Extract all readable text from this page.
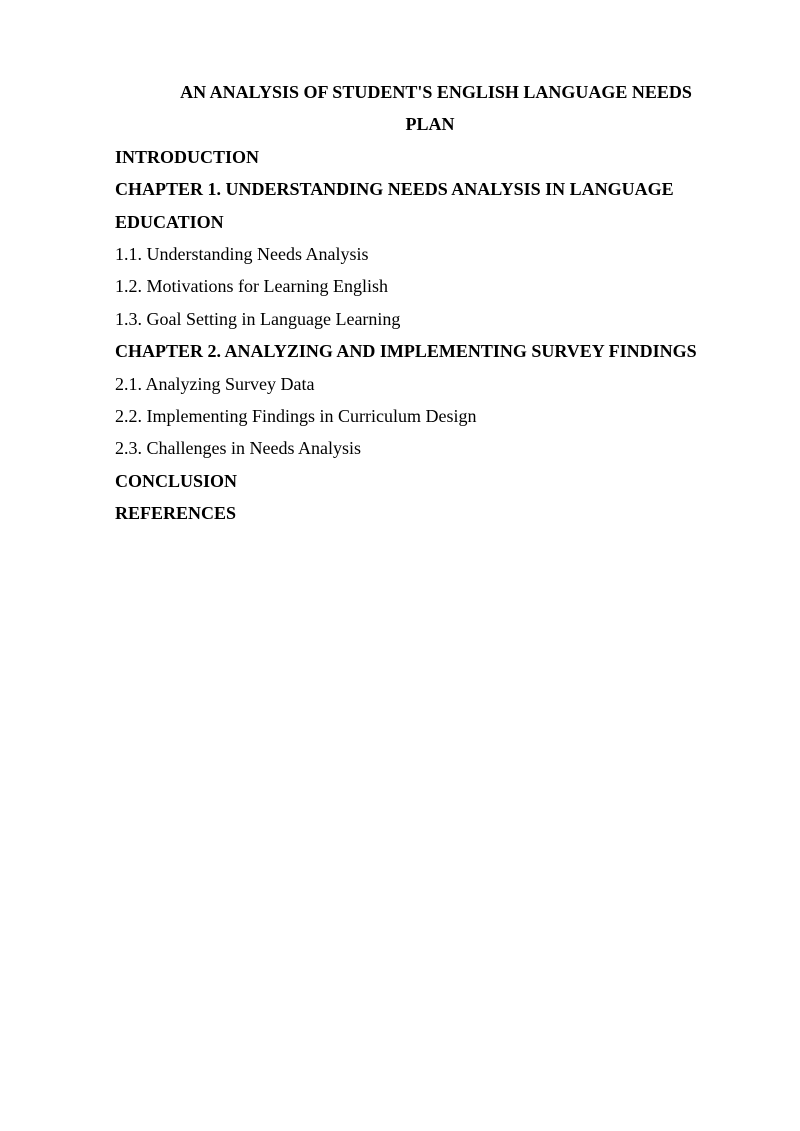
AN ANALYSIS OF STUDENT'S ENGLISH LANGUAGE NEEDS

PLAN

INTRODUCTION

CHAPTER 1. UNDERSTANDING NEEDS ANALYSIS IN LANGUAGE

EDUCATION

1.1. Understanding Needs Analysis

1.2. Motivations for Learning English

1.3. Goal Setting in Language Learning

CHAPTER 2. ANALYZING AND IMPLEMENTING SURVEY FINDINGS

2.1. Analyzing Survey Data

2.2. Implementing Findings in Curriculum Design

2.3. Challenges in Needs Analysis

CONCLUSION

REFERENCES
